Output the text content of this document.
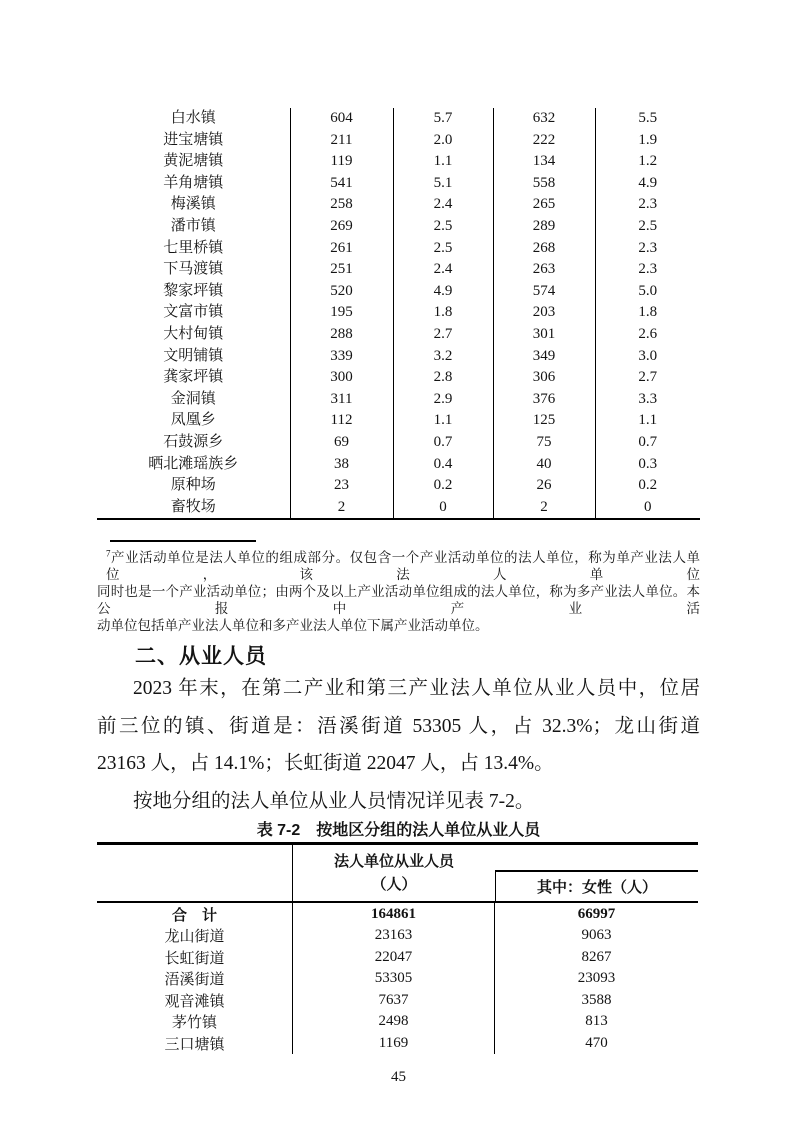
白水镇	604	5.7	632	5.5
进宝塘镇	211	2.0	222	1.9
黄泥塘镇	119	1.1	134	1.2
羊角塘镇	541	5.1	558	4.9
梅溪镇	258	2.4	265	2.3
潘市镇	269	2.5	289	2.5
七里桥镇	261	2.5	268	2.3
下马渡镇	251	2.4	263	2.3
黎家坪镇	520	4.9	574	5.0
文富市镇	195	1.8	203	1.8
大村甸镇	288	2.7	301	2.6
文明铺镇	339	3.2	349	3.0
龚家坪镇	300	2.8	306	2.7
金洞镇	311	2.9	376	3.3
凤凰乡	112	1.1	125	1.1
石鼓源乡	69	0.7	75	0.7
晒北滩瑶族乡	38	0.4	40	0.3
原种场	23	0.2	26	0.2
畜牧场	2	0	2	0
$^7$产业活动单位是法人单位的组成部分。仅包含一个产业活动单位的法人单位，称为单产业法人单位，该法人单位
同时也是一个产业活动单位；由两个及以上产业活动单位组成的法人单位，称为多产业法人单位。本公报中产业活
动单位包括单产业法人单位和多产业法人单位下属产业活动单位。
二、从业人员
2023 年末，在第二产业和第三产业法人单位从业人员中，位居
前三位的镇、街道是：浯溪街道 53305 人，占 32.3%；龙山街道
23163 人，占 14.1%；长虹街道 22047 人，占 13.4%。
按地分组的法人单位从业人员情况详见表 7-2。
表 7-2　按地区分组的法人单位从业人员
法人单位从业人员
（人）	其中：女性（人）
合　计	164861	66997
龙山街道	23163	9063
长虹街道	22047	8267
浯溪街道	53305	23093
观音滩镇	7637	3588
茅竹镇	2498	813
三口塘镇	1169	470
45
